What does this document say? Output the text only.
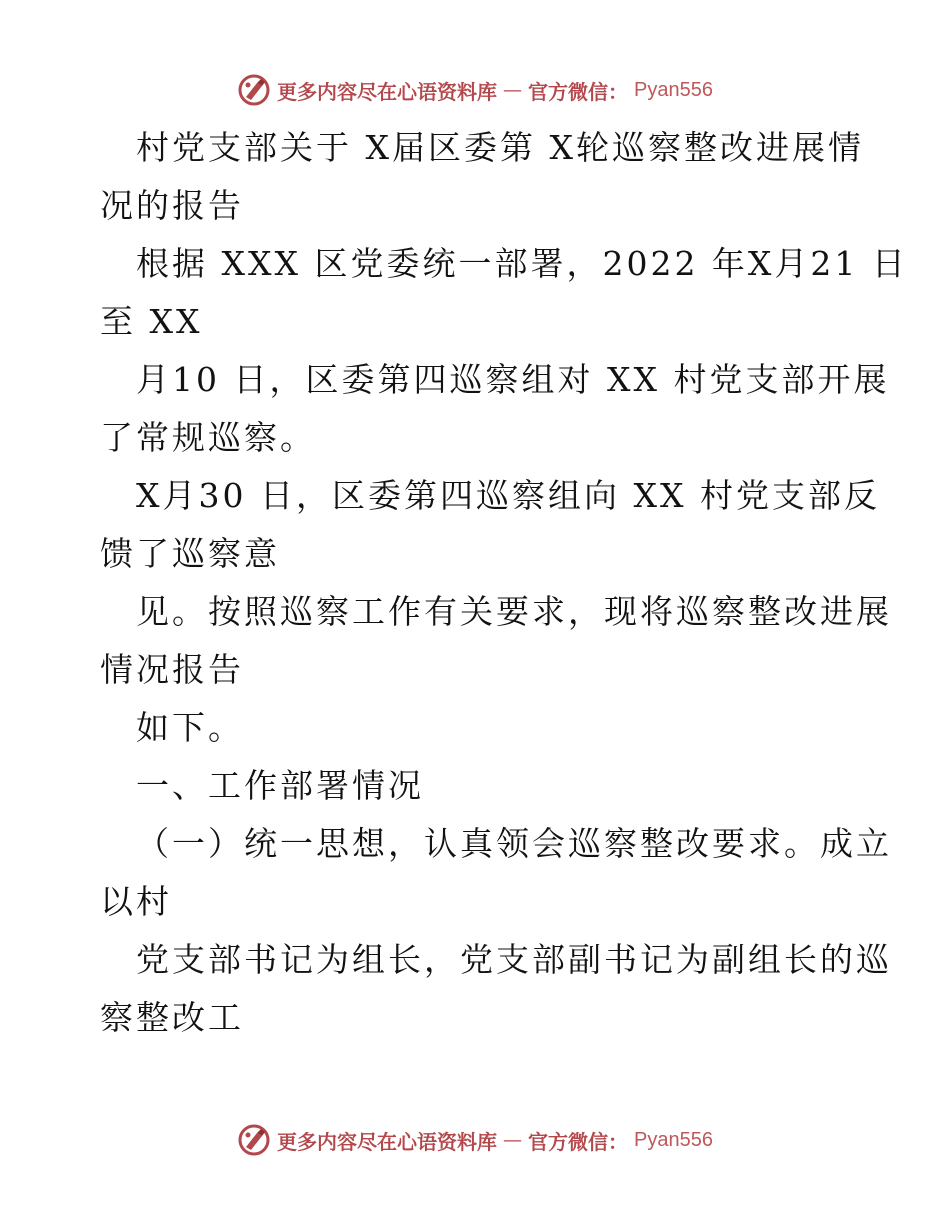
更多内容尽在心语资料库 — 官方微信： Pyan556
村党支部关于 X届区委第 X轮巡察整改进展情
况的报告
根据 XXX 区党委统一部署，2022 年X月21 日
至 XX
月10 日，区委第四巡察组对 XX 村党支部开展
了常规巡察。
X月30 日，区委第四巡察组向 XX 村党支部反
馈了巡察意
见。按照巡察工作有关要求，现将巡察整改进展
情况报告
如下。
一、工作部署情况
（一）统一思想，认真领会巡察整改要求。成立
以村
党支部书记为组长，党支部副书记为副组长的巡
察整改工
更多内容尽在心语资料库 — 官方微信： Pyan556
